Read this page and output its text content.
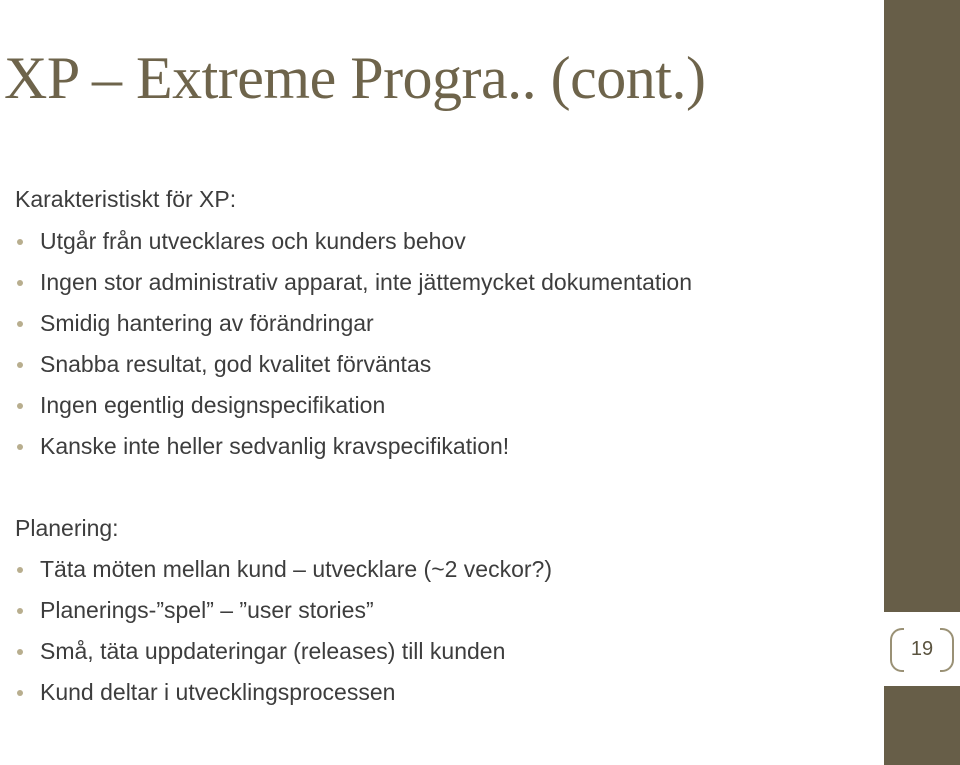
XP – Extreme Progra.. (cont.)
Karakteristiskt för XP:
Utgår från utvecklares och kunders behov
Ingen stor administrativ apparat, inte jättemycket dokumentation
Smidig hantering av förändringar
Snabba resultat, god kvalitet förväntas
Ingen egentlig designspecifikation
Kanske inte heller sedvanlig kravspecifikation!
Planering:
Täta möten mellan kund – utvecklare (~2 veckor?)
Planerings-”spel” – ”user stories”
Små, täta uppdateringar (releases) till kunden
Kund deltar i utvecklingsprocessen
19
